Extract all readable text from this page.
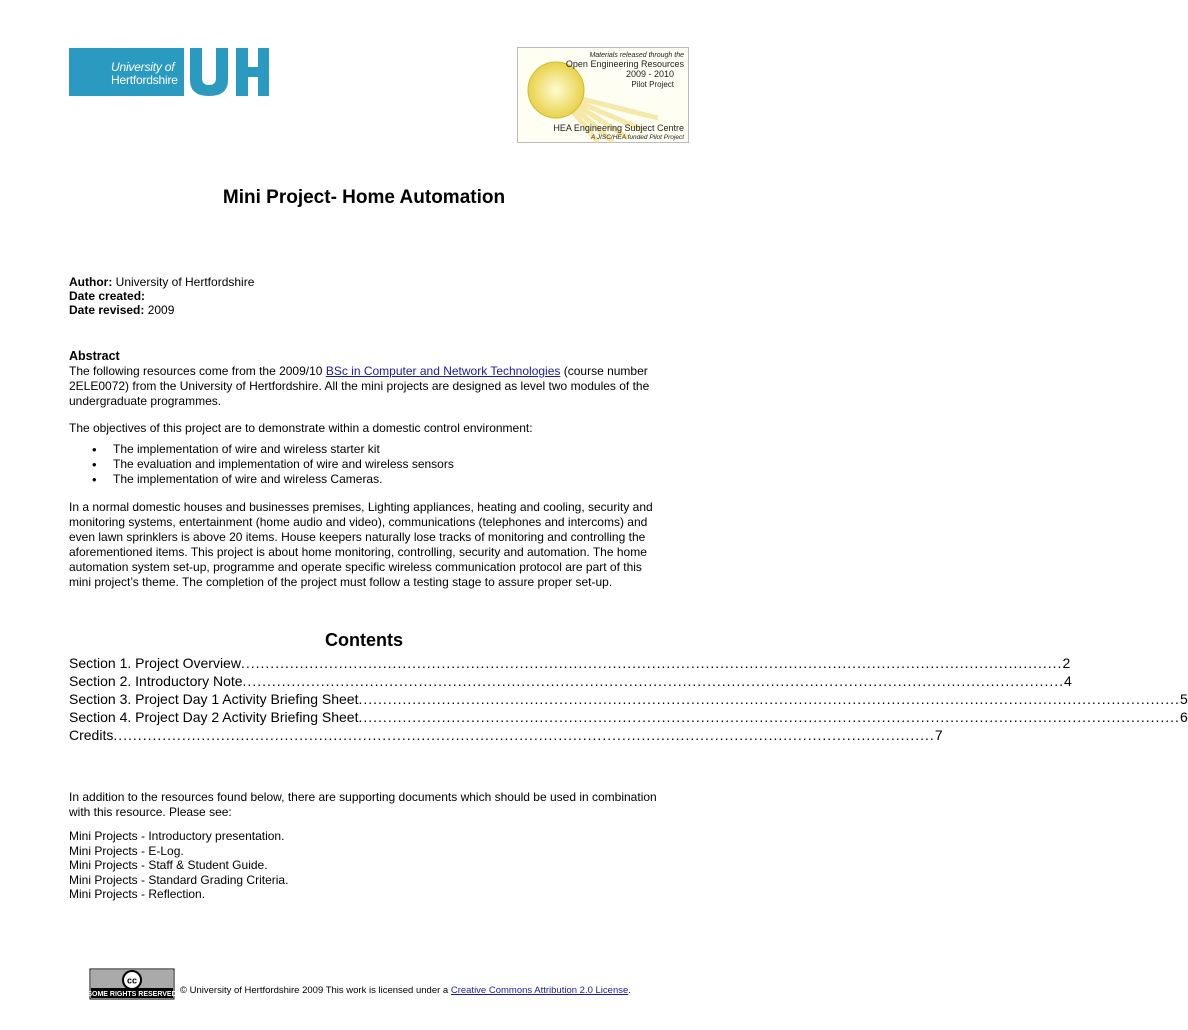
University of
Hertfordshire
Materials released through the
Open Engineering Resources
2009 - 2010
Pilot Project
HEA Engineering Subject Centre
A JISC/HEA funded Pilot Project
Mini Project- Home Automation
Author: University of Hertfordshire
Date created:
Date revised: 2009
Abstract
The following resources come from the 2009/10 BSc in Computer and Network Technologies (course number 2ELE0072) from the University of Hertfordshire. All the mini projects are designed as level two modules of the undergraduate programmes.
The objectives of this project are to demonstrate within a domestic control environment:
• The implementation of wire and wireless starter kit
• The evaluation and implementation of wire and wireless sensors
• The implementation of wire and wireless Cameras.
In a normal domestic houses and businesses premises, Lighting appliances, heating and cooling, security and monitoring systems, entertainment (home audio and video), communications (telephones and intercoms) and even lawn sprinklers is above 20 items. House keepers naturally lose tracks of monitoring and controlling the aforementioned items. This project is about home monitoring, controlling, security and automation. The home automation system set-up, programme and operate specific wireless communication protocol are part of this mini project’s theme. The completion of the project must follow a testing stage to assure proper set-up.
Contents
Section 1. Project Overview ........................................................................................................................................................................ 2
Section 2. Introductory Note ........................................................................................................................................................................ 4
Section 3. Project Day 1 Activity Briefing Sheet ........................................................................................................................................................................ 5
Section 4. Project Day 2 Activity Briefing Sheet ........................................................................................................................................................................ 6
Credits ........................................................................................................................................................................ 7
In addition to the resources found below, there are supporting documents which should be used in combination with this resource. Please see:
Mini Projects - Introductory presentation.
Mini Projects - E-Log.
Mini Projects - Staff & Student Guide.
Mini Projects - Standard Grading Criteria.
Mini Projects - Reflection.
cc
SOME RIGHTS RESERVED © University of Hertfordshire 2009 This work is licensed under a Creative Commons Attribution 2.0 License.
